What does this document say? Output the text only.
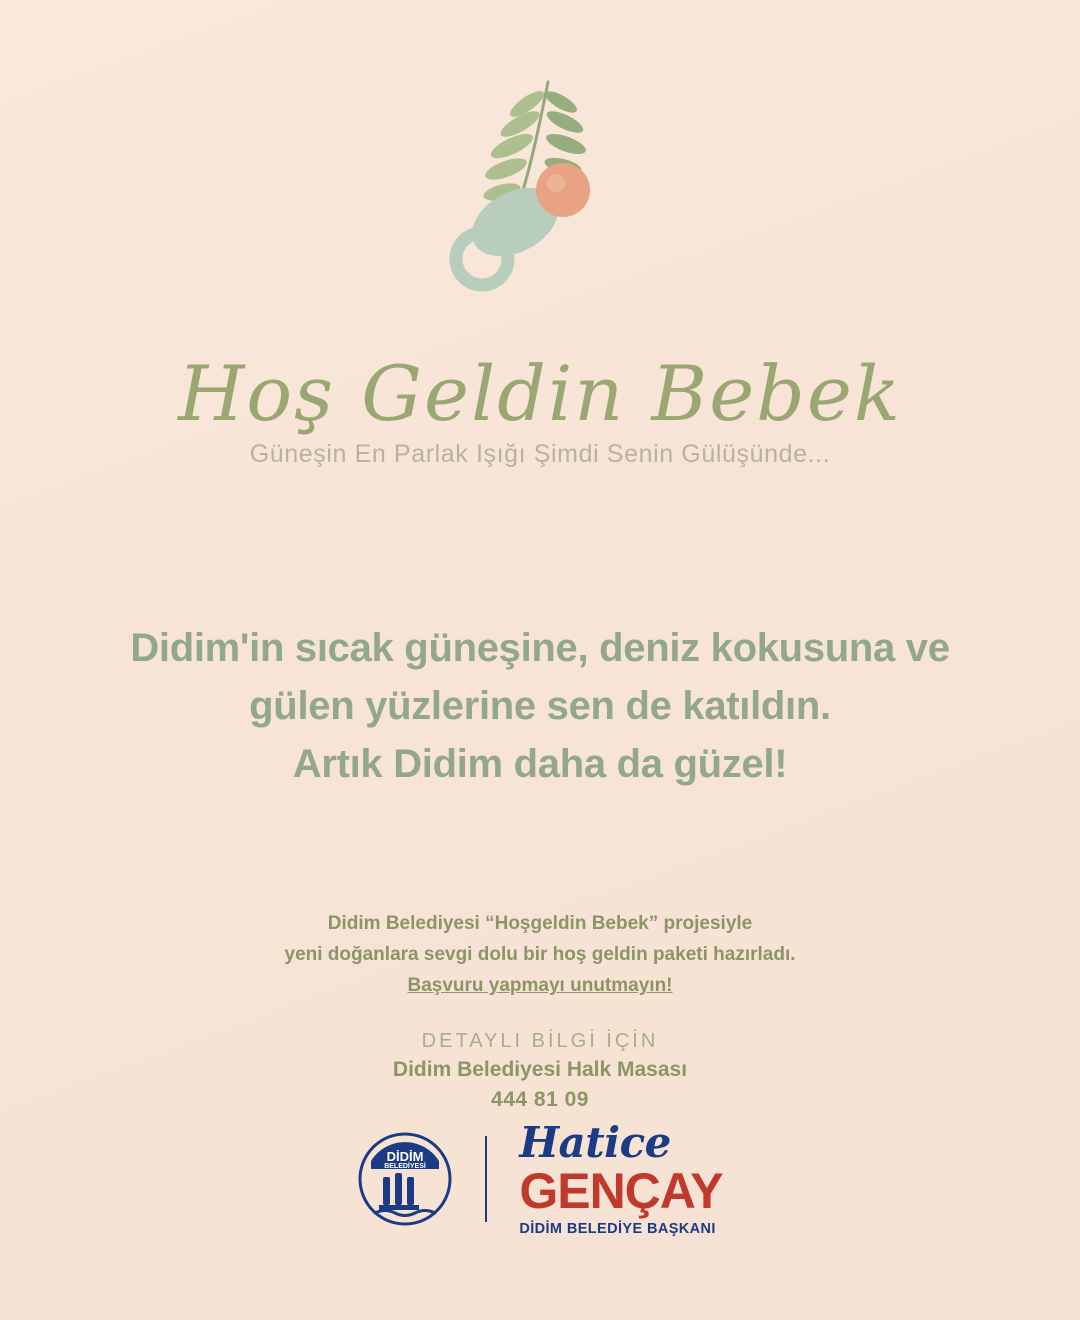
Hoş Geldin Bebek
Güneşin En Parlak Işığı Şimdi Senin Gülüşünde...
Didim'in sıcak güneşine, deniz kokusuna ve
gülen yüzlerine sen de katıldın.
Artık Didim daha da güzel!
Didim Belediyesi “Hoşgeldin Bebek” projesiyle
yeni doğanlara sevgi dolu bir hoş geldin paketi hazırladı.
Başvuru yapmayı unutmayın!
DETAYLI BİLGİ İÇİN
Didim Belediyesi Halk Masası
444 81 09
DİDİM
BELEDİYESİ Hatice
GENÇAY
DİDİM BELEDİYE BAŞKANI
